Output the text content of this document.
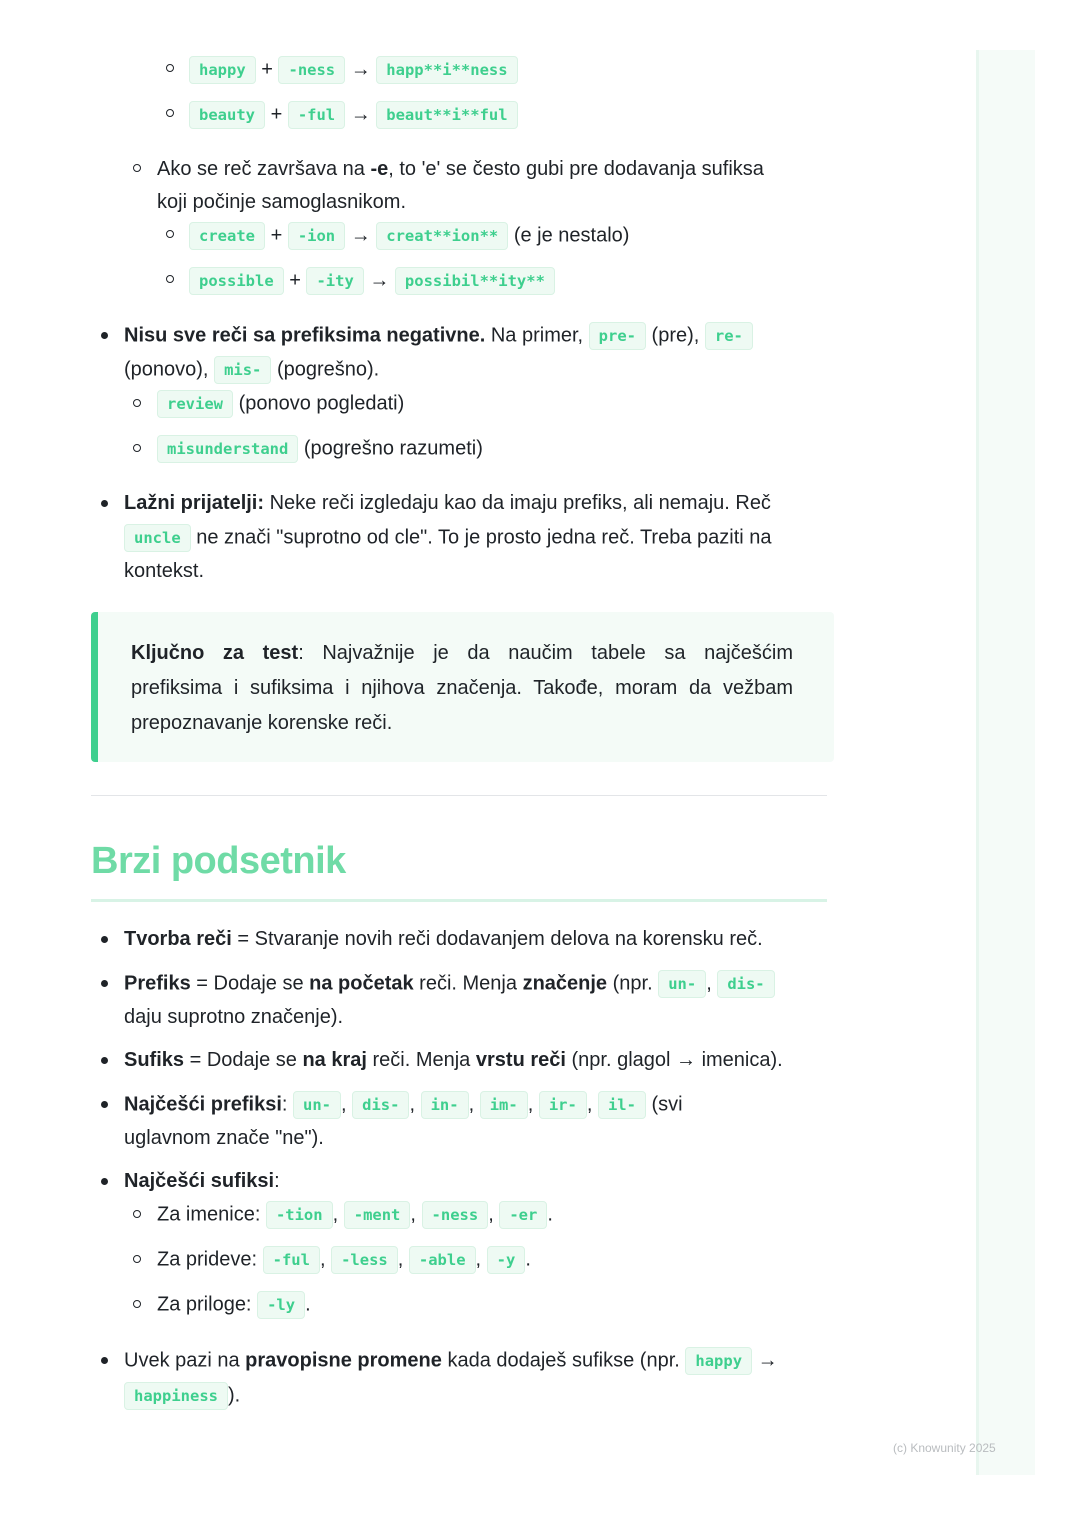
happy + -ness → happ**i**ness
beauty + -ful → beaut**i**ful
Ako se reč završava na -e, to 'e' se često gubi pre dodavanja sufiksa
koji počinje samoglasnikom.
create + -ion → creat**ion** (e je nestalo)
possible + -ity → possibil**ity**
Nisu sve reči sa prefiksima negativne. Na primer, pre- (pre), re-
(ponovo), mis- (pogrešno).
review (ponovo pogledati)
misunderstand (pogrešno razumeti)
Lažni prijatelji: Neke reči izgledaju kao da imaju prefiks, ali nemaju. Reč
uncle ne znači "suprotno od cle". To je prosto jedna reč. Treba paziti na
kontekst.
Ključno za test: Najvažnije je da naučim tabele sa najčešćim
prefiksima i sufiksima i njihova značenja. Takođe, moram da vežbam
prepoznavanje korenske reči.
Brzi podsetnik
Tvorba reči = Stvaranje novih reči dodavanjem delova na korensku reč.
Prefiks = Dodaje se na početak reči. Menja značenje (npr. un- , dis-
daju suprotno značenje).
Sufiks = Dodaje se na kraj reči. Menja vrstu reči (npr. glagol → imenica).
Najčešći prefiksi: un- , dis- , in- , im- , ir- , il- (svi
uglavnom znače "ne").
Najčešći sufiksi:
Za imenice: -tion , -ment , -ness , -er .
Za prideve: -ful , -less , -able , -y .
Za priloge: -ly .
Uvek pazi na pravopisne promene kada dodaješ sufikse (npr. happy →
happiness ).
(c) Knowunity 2025
